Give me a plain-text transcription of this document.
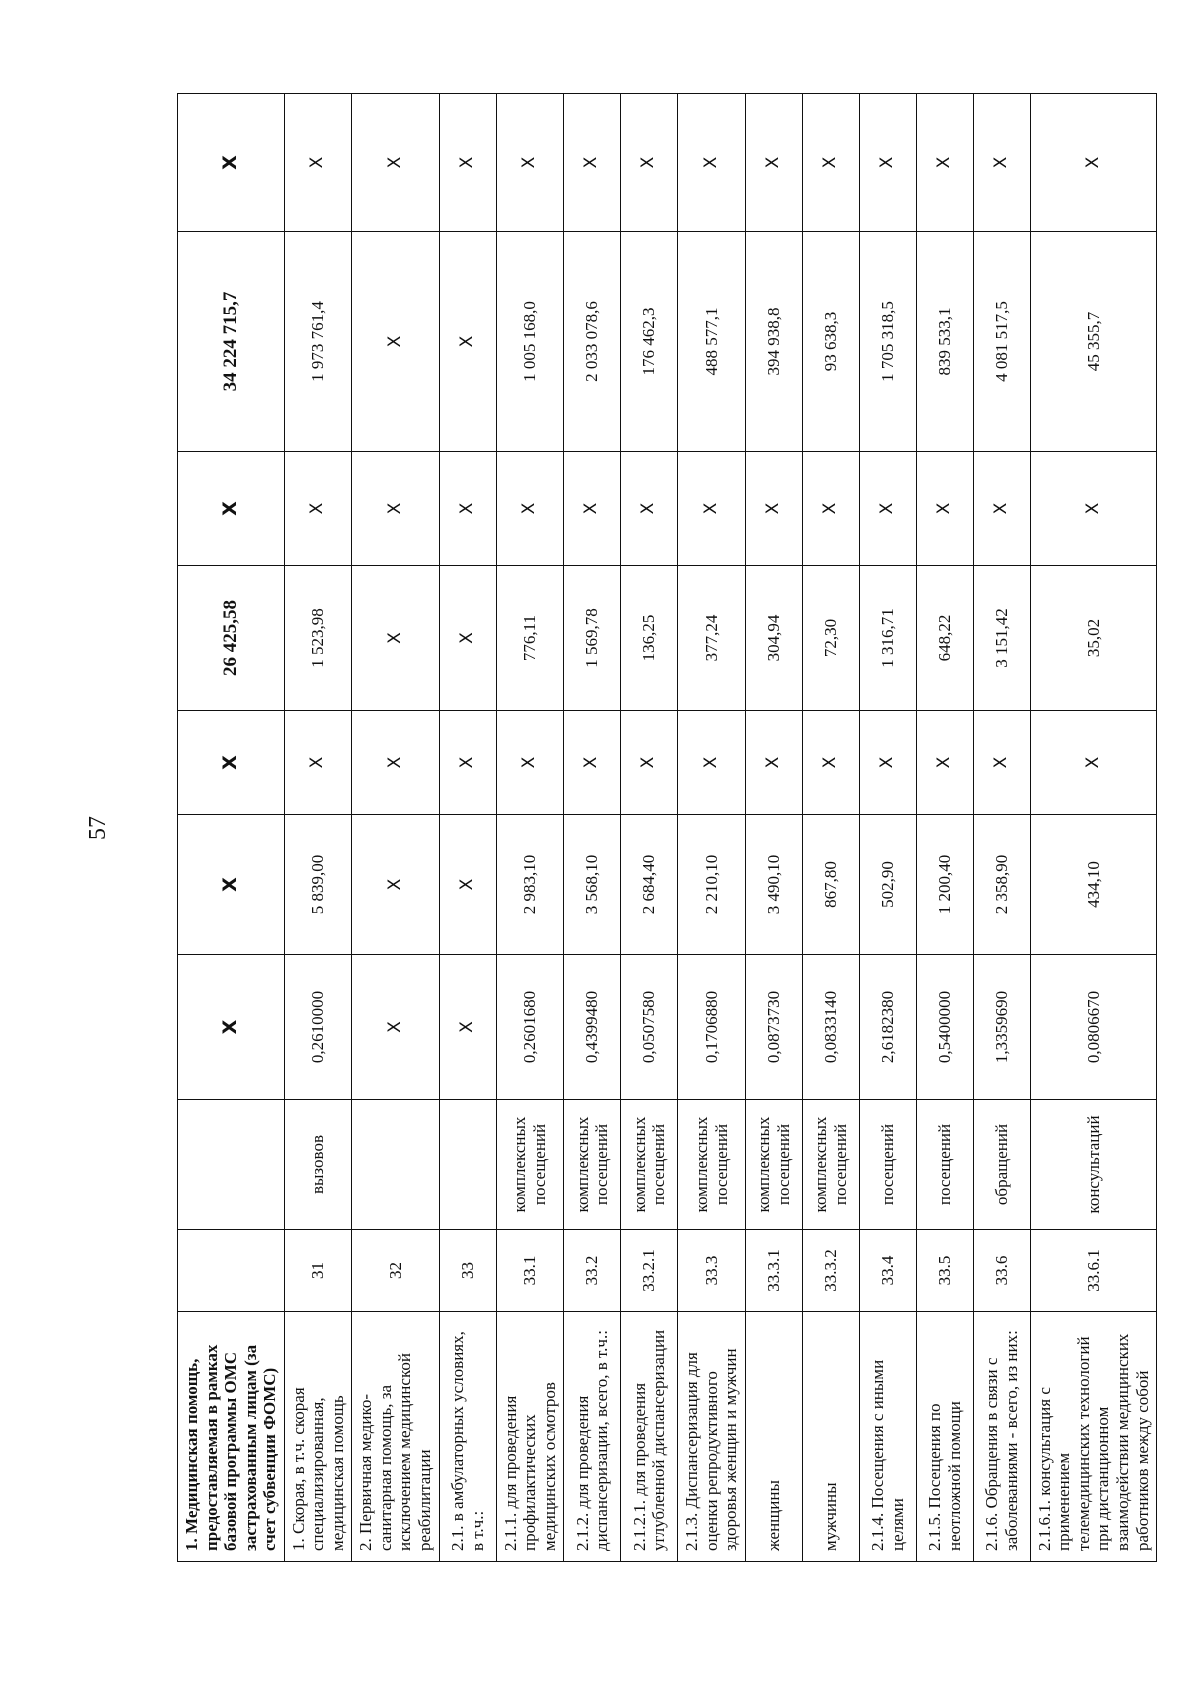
57
1. Медицинская помощь, предоставляемая в рамках базовой программы ОМС застрахованным лицам (за счет субвенции ФОМС)			X	X	X	26 425,58	X	34 224 715,7	X
1. Скорая, в т.ч. скорая специализированная, медицинская помощь	31	вызовов	0,2610000	5 839,00	X	1 523,98	X	1 973 761,4	X
2. Первичная медико-санитарная помощь, за исключением медицинской реабилитации	32		X	X	X	X	X	X	X
2.1. в амбулаторных условиях, в т.ч.:	33		X	X	X	X	X	X	X
2.1.1. для проведения профилактических медицинских осмотров	33.1	комплексных посещений	0,2601680	2 983,10	X	776,11	X	1 005 168,0	X
2.1.2. для проведения диспансеризации, всего, в т.ч.:	33.2	комплексных посещений	0,4399480	3 568,10	X	1 569,78	X	2 033 078,6	X
2.1.2.1. для проведения углубленной диспансеризации	33.2.1	комплексных посещений	0,0507580	2 684,40	X	136,25	X	176 462,3	X
2.1.3. Диспансеризация для оценки репродуктивного здоровья женщин и мужчин	33.3	комплексных посещений	0,1706880	2 210,10	X	377,24	X	488 577,1	X
женщины	33.3.1	комплексных посещений	0,0873730	3 490,10	X	304,94	X	394 938,8	X
мужчины	33.3.2	комплексных посещений	0,0833140	867,80	X	72,30	X	93 638,3	X
2.1.4. Посещения с иными целями	33.4	посещений	2,6182380	502,90	X	1 316,71	X	1 705 318,5	X
2.1.5. Посещения по неотложной помощи	33.5	посещений	0,5400000	1 200,40	X	648,22	X	839 533,1	X
2.1.6. Обращения в связи с заболеваниями - всего, из них:	33.6	обращений	1,3359690	2 358,90	X	3 151,42	X	4 081 517,5	X
2.1.6.1. консультация с применением телемедицинских технологий при дистанционном взаимодействии медицинских работников между собой	33.6.1	консультаций	0,0806670	434,10	X	35,02	X	45 355,7	X
